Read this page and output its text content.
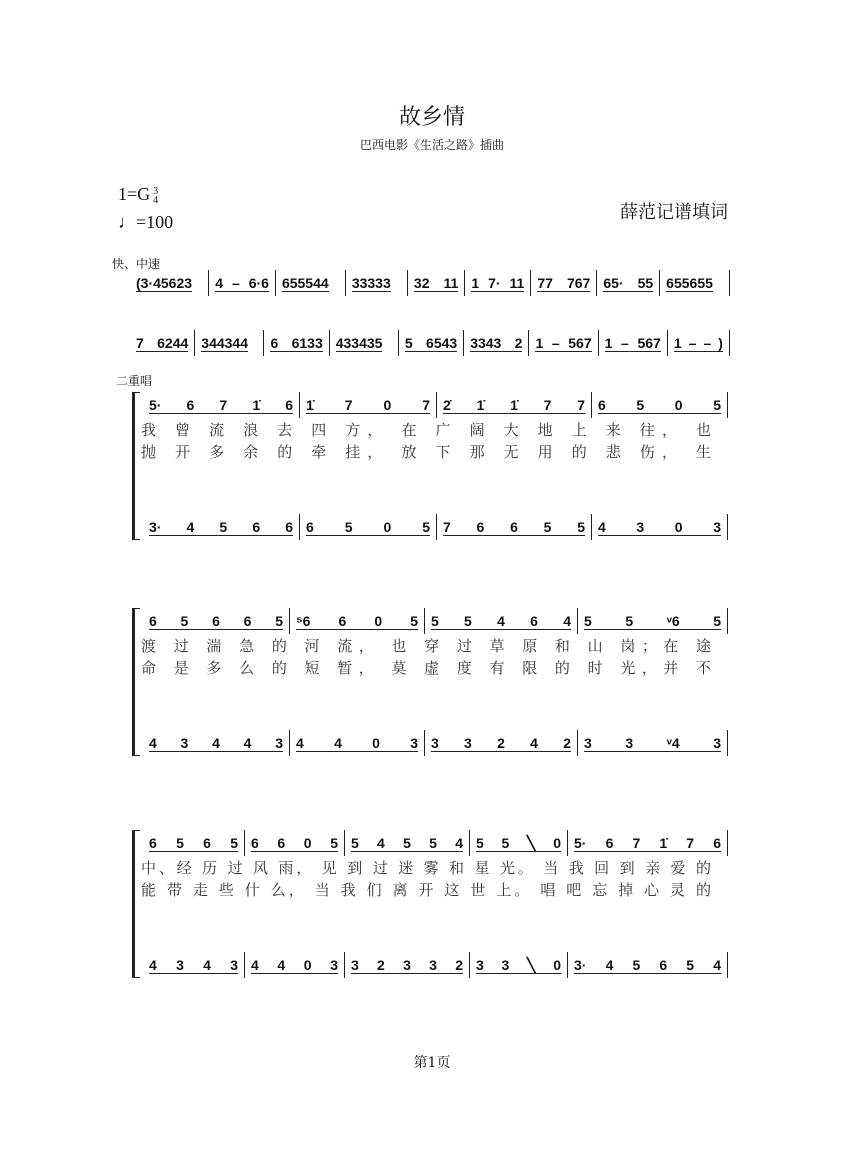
故乡情
巴西电影《生活之路》插曲
1=G 3
4
♩=100	薛范记谱填词
快、中速
(3·45623	4 – 6·6 655544	33333	32 11 1 7· 11 77 767 65· 55 655655
7 6244 344344	6 6133 433435	5 6543 3343 2 1 – 567 1 – 567 1 – – )
二重唱
5· 6 7 1̇ 6 1̇ 7 0 7 2̇ 1̇ 1̇ 7 7 6 5 0 5
我 曾 流 浪 去 四 方， 在 广 阔 大 地 上 来 往， 也
抛 开 多 余 的 牵 挂， 放 下 那 无 用 的 悲 伤， 生
3· 4 5 6 6 6 5 0 5 7 6 6 5 5 4 3 0 3
6 5 6 6 5 ⁵6 6 0 5 5 5 4 6 4 5 5 ᵛ6 5
渡 过 湍 急 的 河 流， 也 穿 过 草 原 和 山 岗；在 途
命 是 多 么 的 短 暂， 莫 虚 度 有 限 的 时 光，并 不
4 3 4 4 3 4 4 0 3 3 3 2 4 2 3 3 ᵛ4 3
6 5 6 5 6 6 0 5 5 4 5 5 4 5 5 ╲ 0 5· 6 7 1̇ 7 6
中、经 历 过 风 雨， 见 到 过 迷 雾 和 星 光。 当 我 回 到 亲 爱 的
能 带 走 些 什 么， 当 我 们 离 开 这 世 上。 唱 吧 忘 掉 心 灵 的
4 3 4 3 4 4 0 3 3 2 3 3 2 3 3 ╲ 0 3· 4 5 6 5 4
第1页
